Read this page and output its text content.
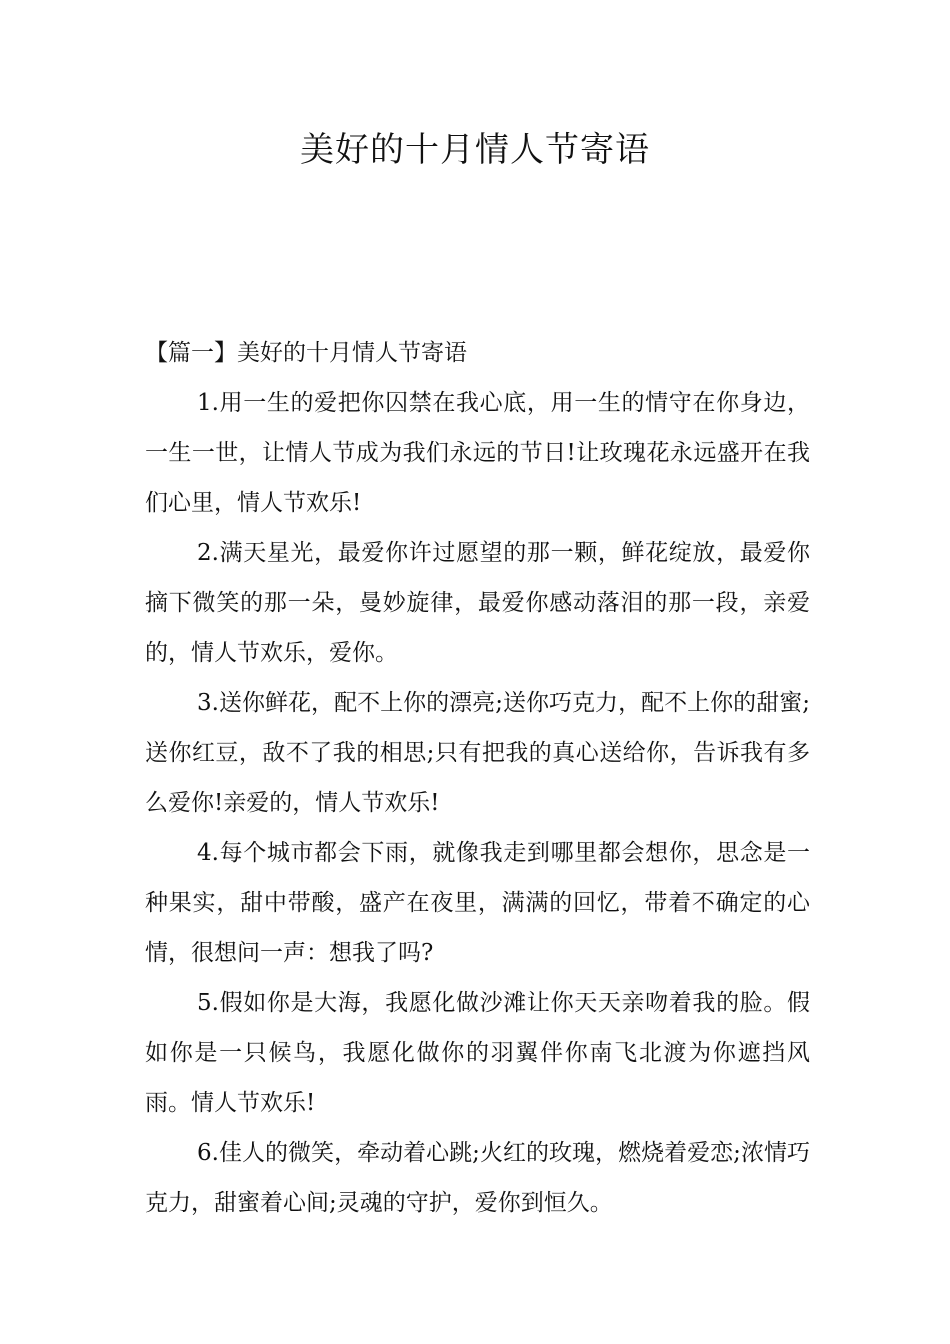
美好的十月情人节寄语

【篇一】美好的十月情人节寄语

1.用一生的爱把你囚禁在我心底，用一生的情守在你身边，一生一世，让情人节成为我们永远的节日!让玫瑰花永远盛开在我们心里，情人节欢乐!

2.满天星光，最爱你许过愿望的那一颗，鲜花绽放，最爱你摘下微笑的那一朵，曼妙旋律，最爱你感动落泪的那一段，亲爱的，情人节欢乐，爱你。

3.送你鲜花，配不上你的漂亮;送你巧克力，配不上你的甜蜜;送你红豆，敌不了我的相思;只有把我的真心送给你，告诉我有多么爱你!亲爱的，情人节欢乐!

4.每个城市都会下雨，就像我走到哪里都会想你，思念是一种果实，甜中带酸，盛产在夜里，满满的回忆，带着不确定的心情，很想问一声：想我了吗?

5.假如你是大海，我愿化做沙滩让你天天亲吻着我的脸。假如你是一只候鸟，我愿化做你的羽翼伴你南飞北渡为你遮挡风雨。情人节欢乐!

6.佳人的微笑，牵动着心跳;火红的玫瑰，燃烧着爱恋;浓情巧克力，甜蜜着心间;灵魂的守护，爱你到恒久。
